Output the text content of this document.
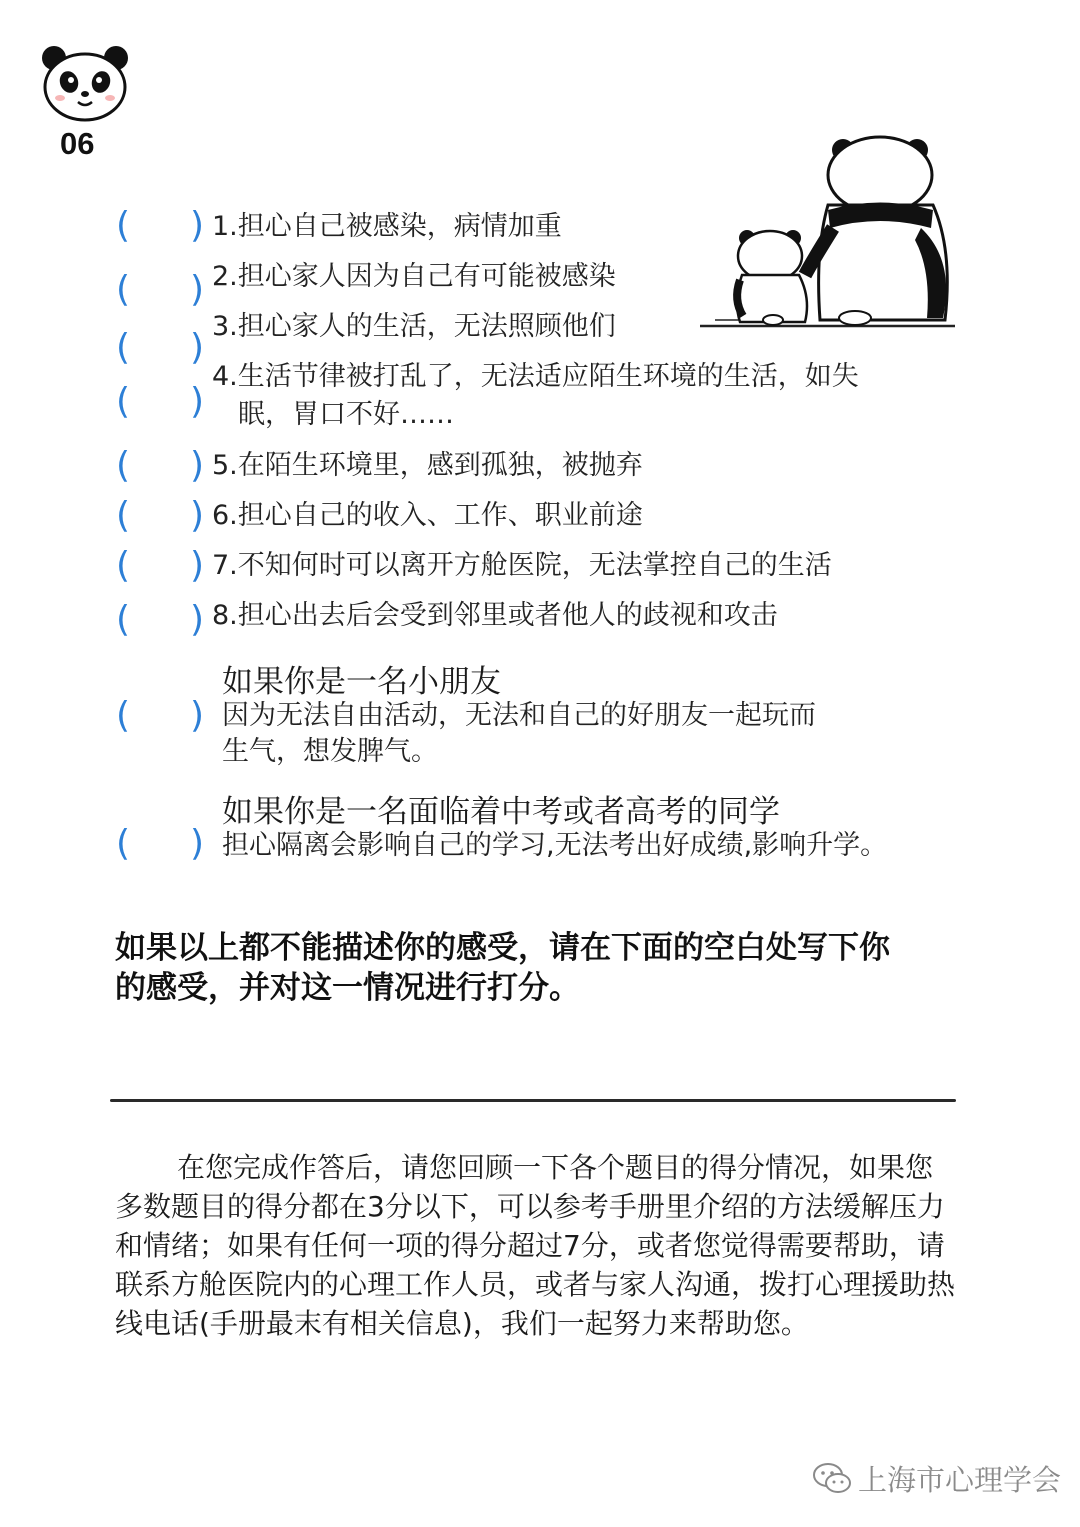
06
( ) 1.担心自己被感染，病情加重
( ) 2.担心家人因为自己有可能被感染
( )
3.担心家人的生活，无法照顾他们
( )
4.生活节律被打乱了，无法适应陌生环境的生活，如失
眠，胃口不好……
( ) 5.在陌生环境里，感到孤独，被抛弃
( ) 6.担心自己的收入、工作、职业前途
( ) 7.不知何时可以离开方舱医院，无法掌控自己的生活
( ) 8.担心出去后会受到邻里或者他人的歧视和攻击
如果你是一名小朋友
( ) 因为无法自由活动，无法和自己的好朋友一起玩而
生气，想发脾气。
如果你是一名面临着中考或者高考的同学
( ) 担心隔离会影响自己的学习,无法考出好成绩,影响升学。
如果以上都不能描述你的感受，请在下面的空白处写下你
的感受，并对这一情况进行打分。
在您完成作答后，请您回顾一下各个题目的得分情况，如果您
多数题目的得分都在3分以下，可以参考手册里介绍的方法缓解压力
和情绪；如果有任何一项的得分超过7分，或者您觉得需要帮助，请
联系方舱医院内的心理工作人员，或者与家人沟通，拨打心理援助热
线电话(手册最末有相关信息)，我们一起努力来帮助您。
上海市心理学会
